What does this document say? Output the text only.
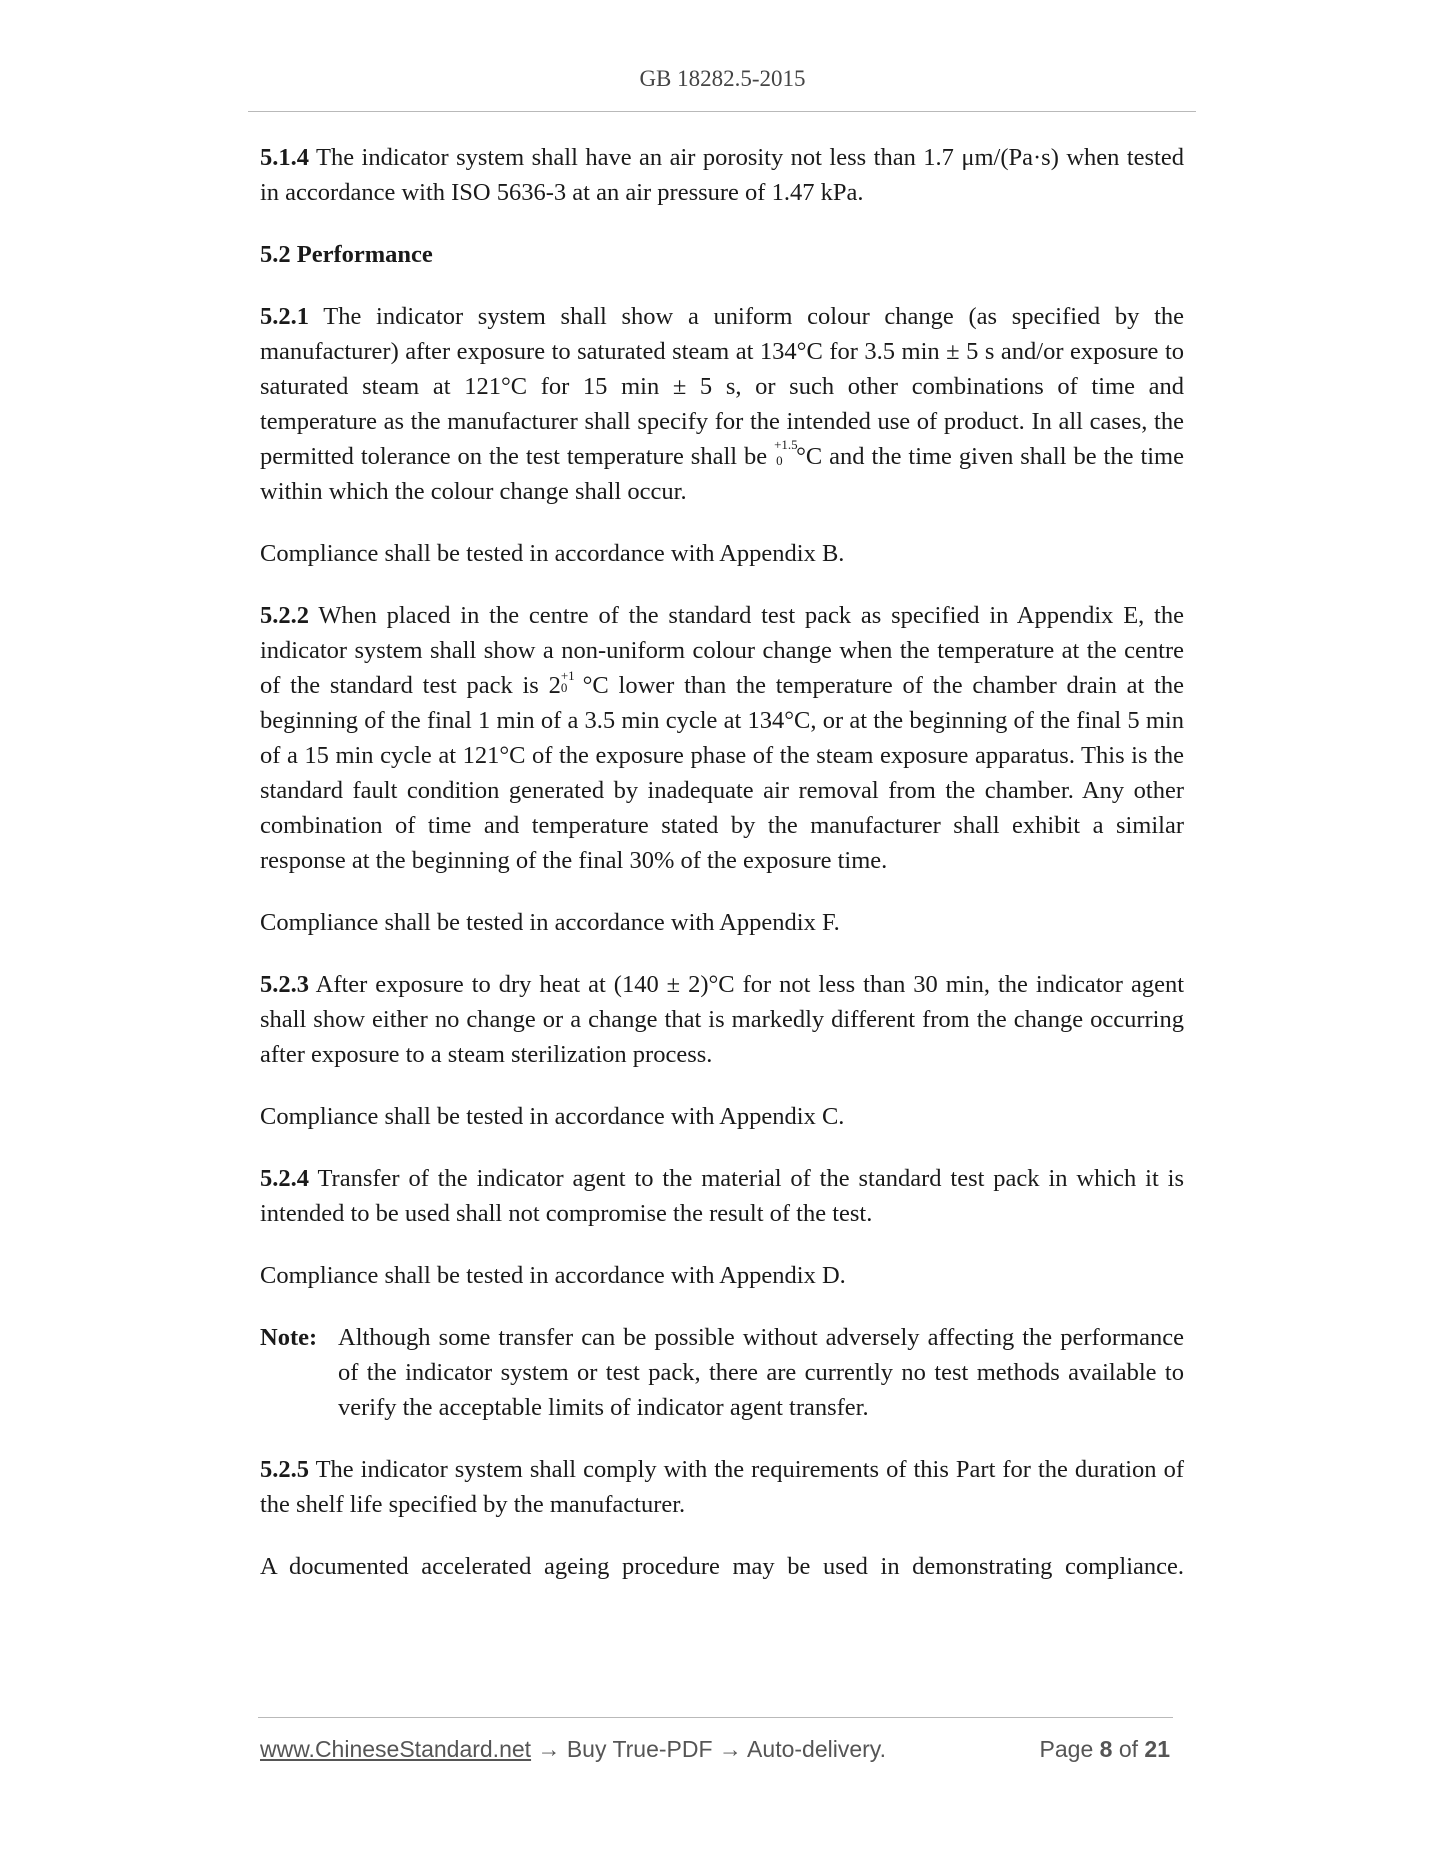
GB 18282.5-2015

5.1.4 The indicator system shall have an air porosity not less than 1.7 μm/(Pa·s) when tested in accordance with ISO 5636-3 at an air pressure of 1.47 kPa.

5.2 Performance

5.2.1 The indicator system shall show a uniform colour change (as specified by the manufacturer) after exposure to saturated steam at 134°C for 3.5 min ± 5 s and/or exposure to saturated steam at 121°C for 15 min ± 5 s, or such other combinations of time and temperature as the manufacturer shall specify for the intended use of product. In all cases, the permitted tolerance on the test temperature shall be +1.5
0 °C and the time given shall be the time within which the colour change shall occur.

Compliance shall be tested in accordance with Appendix B.

5.2.2 When placed in the centre of the standard test pack as specified in Appendix E, the indicator system shall show a non-uniform colour change when the temperature at the centre of the standard test pack is 2 +1
0 °C lower than the temperature of the chamber drain at the beginning of the final 1 min of a 3.5 min cycle at 134°C, or at the beginning of the final 5 min of a 15 min cycle at 121°C of the exposure phase of the steam exposure apparatus. This is the standard fault condition generated by inadequate air removal from the chamber. Any other combination of time and temperature stated by the manufacturer shall exhibit a similar response at the beginning of the final 30% of the exposure time.

Compliance shall be tested in accordance with Appendix F.

5.2.3 After exposure to dry heat at (140 ± 2)°C for not less than 30 min, the indicator agent shall show either no change or a change that is markedly different from the change occurring after exposure to a steam sterilization process.

Compliance shall be tested in accordance with Appendix C.

5.2.4 Transfer of the indicator agent to the material of the standard test pack in which it is intended to be used shall not compromise the result of the test.

Compliance shall be tested in accordance with Appendix D.

Note: Although some transfer can be possible without adversely affecting the performance of the indicator system or test pack, there are currently no test methods available to verify the acceptable limits of indicator agent transfer.

5.2.5 The indicator system shall comply with the requirements of this Part for the duration of the shelf life specified by the manufacturer.

A documented accelerated ageing procedure may be used in demonstrating compliance.

www.ChineseStandard.net → Buy True-PDF → Auto-delivery.	Page 8 of 21
